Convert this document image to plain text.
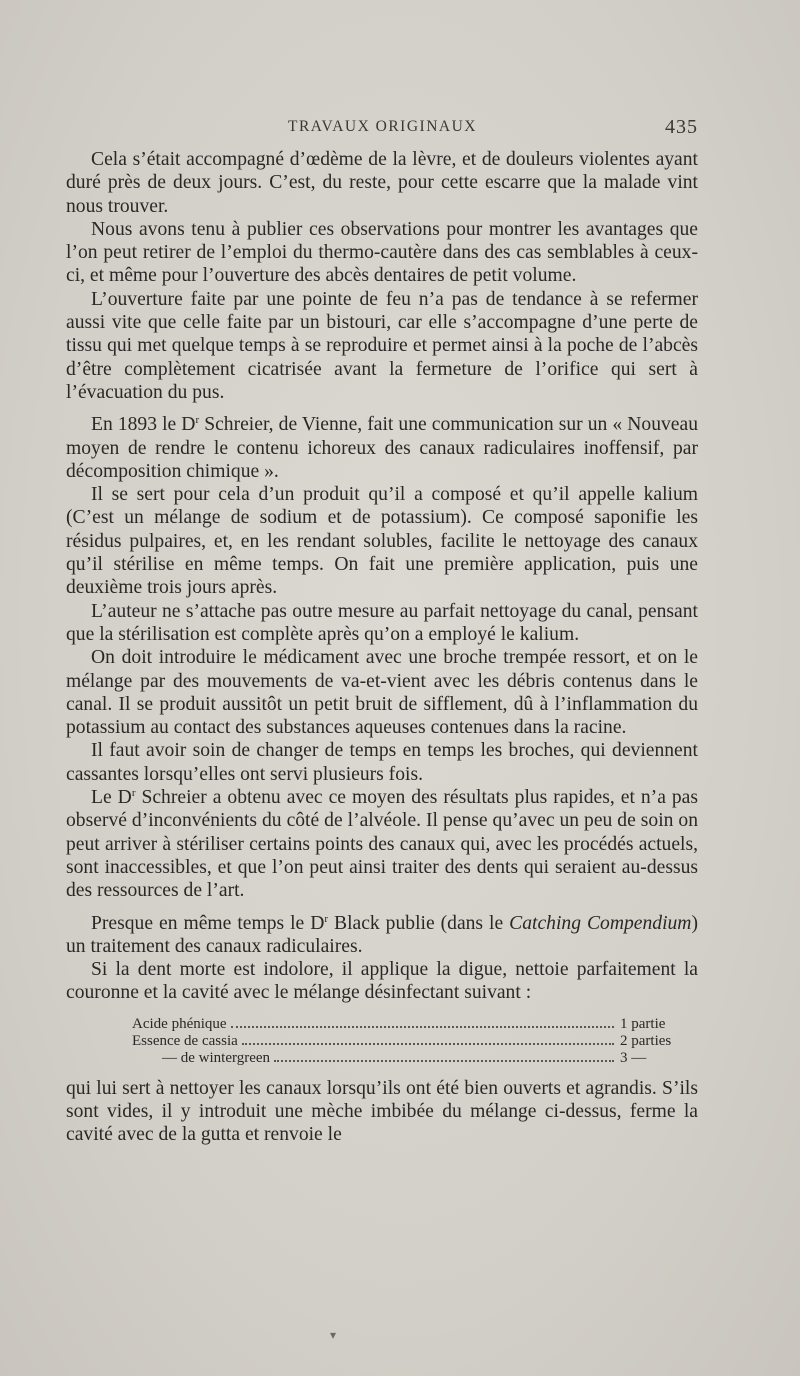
TRAVAUX ORIGINAUX	435

Cela s’était accompagné d’œdème de la lèvre, et de douleurs violentes ayant duré près de deux jours. C’est, du reste, pour cette escarre que la malade vint nous trouver.

Nous avons tenu à publier ces observations pour montrer les avantages que l’on peut retirer de l’emploi du thermo-cautère dans des cas semblables à ceux-ci, et même pour l’ouverture des abcès dentaires de petit volume.

L’ouverture faite par une pointe de feu n’a pas de tendance à se refermer aussi vite que celle faite par un bistouri, car elle s’accompagne d’une perte de tissu qui met quelque temps à se reproduire et permet ainsi à la poche de l’abcès d’être complètement cicatrisée avant la fermeture de l’orifice qui sert à l’évacuation du pus.

En 1893 le $D^r$ Schreier, de Vienne, fait une communication sur un « Nouveau moyen de rendre le contenu ichoreux des canaux radiculaires inoffensif, par décomposition chimique ».

Il se sert pour cela d’un produit qu’il a composé et qu’il appelle kalium (C’est un mélange de sodium et de potassium). Ce composé saponifie les résidus pulpaires, et, en les rendant solubles, facilite le nettoyage des canaux qu’il stérilise en même temps. On fait une première application, puis une deuxième trois jours après.

L’auteur ne s’attache pas outre mesure au parfait nettoyage du canal, pensant que la stérilisation est complète après qu’on a employé le kalium.

On doit introduire le médicament avec une broche trempée ressort, et on le mélange par des mouvements de va-et-vient avec les débris contenus dans le canal. Il se produit aussitôt un petit bruit de sifflement, dû à l’inflammation du potassium au contact des substances aqueuses contenues dans la racine.

Il faut avoir soin de changer de temps en temps les broches, qui deviennent cassantes lorsqu’elles ont servi plusieurs fois.

Le $D^r$ Schreier a obtenu avec ce moyen des résultats plus rapides, et n’a pas observé d’inconvénients du côté de l’alvéole. Il pense qu’avec un peu de soin on peut arriver à stériliser certains points des canaux qui, avec les procédés actuels, sont inaccessibles, et que l’on peut ainsi traiter des dents qui seraient au-dessus des ressources de l’art.

Presque en même temps le $D^r$ Black publie (dans le Catching Compendium) un traitement des canaux radiculaires.

Si la dent morte est indolore, il applique la digue, nettoie parfaitement la couronne et la cavité avec le mélange désinfectant suivant :

Acide phénique	1 partie
Essence de cassia	2 parties
— de wintergreen	3 —

qui lui sert à nettoyer les canaux lorsqu’ils ont été bien ouverts et agrandis. S’ils sont vides, il y introduit une mèche imbibée du mélange ci-dessus, ferme la cavité avec de la gutta et renvoie le

▾
